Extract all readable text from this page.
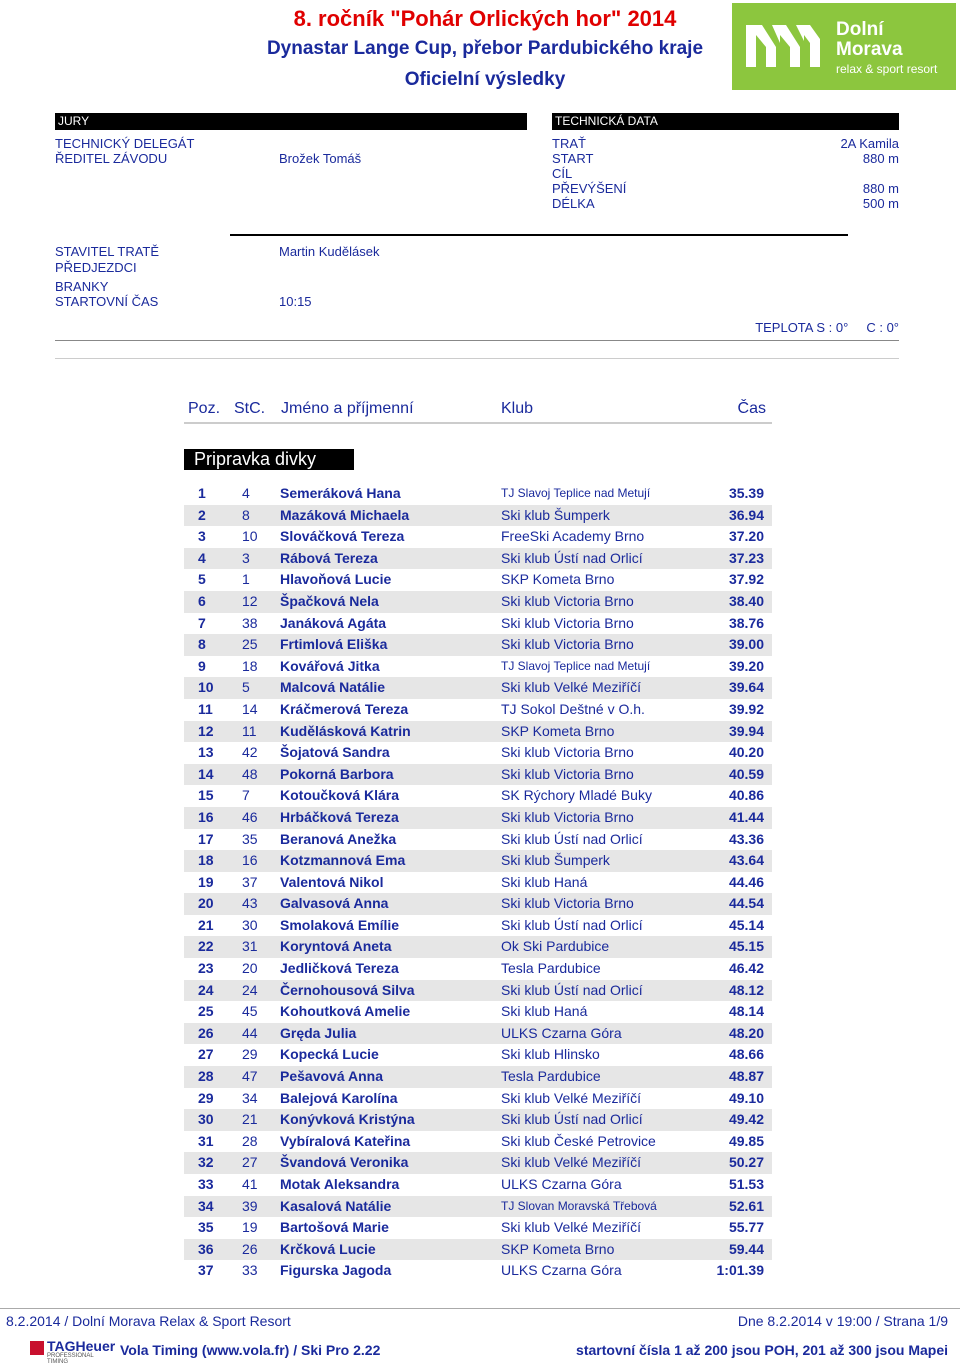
8. ročník "Pohár Orlických hor" 2014
Dynastar Lange Cup, přebor Pardubického kraje
Oficielní výsledky
Dolní
Morava
relax & sport resort
JURY
TECHNICKÝ DELEGÁT
ŘEDITEL ZÁVODU	Brožek Tomáš
TECHNICKÁ DATA
TRAŤ	2A Kamila
START	880 m
CÍL
PŘEVÝŠENÍ	880 m
DÉLKA	500 m
STAVITEL TRATĚ	Martin Kudělásek
PŘEDJEZDCI
BRANKY
STARTOVNÍ ČAS	10:15
TEPLOTA S : 0°     C : 0°
Poz. StC. Jméno a příjmenní	Klub	Čas
Pripravka divky
1	4 Semeráková Hana	TJ Slavoj Teplice nad Metují	35.39
2	8 Mazáková Michaela	Ski klub Šumperk	36.94
3	10 Slováčková Tereza	FreeSki Academy Brno	37.20
4	3 Rábová Tereza	Ski klub Ústí nad Orlicí	37.23
5	1 Hlavoňová Lucie	SKP Kometa Brno	37.92
6	12 Špačková Nela	Ski klub Victoria Brno	38.40
7	38 Janáková Agáta	Ski klub Victoria Brno	38.76
8	25 Frtimlová Eliška	Ski klub Victoria Brno	39.00
9	18 Kovářová Jitka	TJ Slavoj Teplice nad Metují	39.20
10 5 Malcová Natálie	Ski klub Velké Meziříčí	39.64
11 14 Kráčmerová Tereza	TJ Sokol Deštné v O.h.	39.92
12 11 Kudělásková Katrin	SKP Kometa Brno	39.94
13 42 Šojatová Sandra	Ski klub Victoria Brno	40.20
14 48 Pokorná Barbora	Ski klub Victoria Brno	40.59
15 7 Kotoučková Klára	SK Rýchory Mladé Buky	40.86
16 46 Hrbáčková Tereza	Ski klub Victoria Brno	41.44
17 35 Beranová Anežka	Ski klub Ústí nad Orlicí	43.36
18 16 Kotzmannová Ema	Ski klub Šumperk	43.64
19 37 Valentová Nikol	Ski klub Haná	44.46
20 43 Galvasová Anna	Ski klub Victoria Brno	44.54
21 30 Smolaková Emílie	Ski klub Ústí nad Orlicí	45.14
22 31 Koryntová Aneta	Ok Ski Pardubice	45.15
23 20 Jedličková Tereza	Tesla Pardubice	46.42
24 24 Černohousová Silva	Ski klub Ústí nad Orlicí	48.12
25 45 Kohoutková Amelie	Ski klub Haná	48.14
26 44 Gręda Julia	ULKS Czarna Góra	48.20
27 29 Kopecká Lucie	Ski klub Hlinsko	48.66
28 47 Pešavová Anna	Tesla Pardubice	48.87
29 34 Balejová Karolína	Ski klub Velké Meziříčí	49.10
30 21 Konývková Kristýna	Ski klub Ústí nad Orlicí	49.42
31 28 Vybíralová Kateřina	Ski klub České Petrovice	49.85
32 27 Švandová Veronika	Ski klub Velké Meziříčí	50.27
33 41 Motak Aleksandra	ULKS Czarna Góra	51.53
34 39 Kasalová Natálie	TJ Slovan Moravská Třebová	52.61
35 19 Bartošová Marie	Ski klub Velké Meziříčí	55.77
36 26 Krčková Lucie	SKP Kometa Brno	59.44
37 33 Figurska Jagoda	ULKS Czarna Góra	1:01.39
8.2.2014 / Dolní Morava Relax & Sport Resort	Dne 8.2.2014 v 19:00 / Strana 1/9
TAGHeuer
PROFESSIONAL TIMING
Vola Timing (www.vola.fr) / Ski Pro 2.22	startovní čísla 1 až 200 jsou POH, 201 až 300 jsou Mapei
